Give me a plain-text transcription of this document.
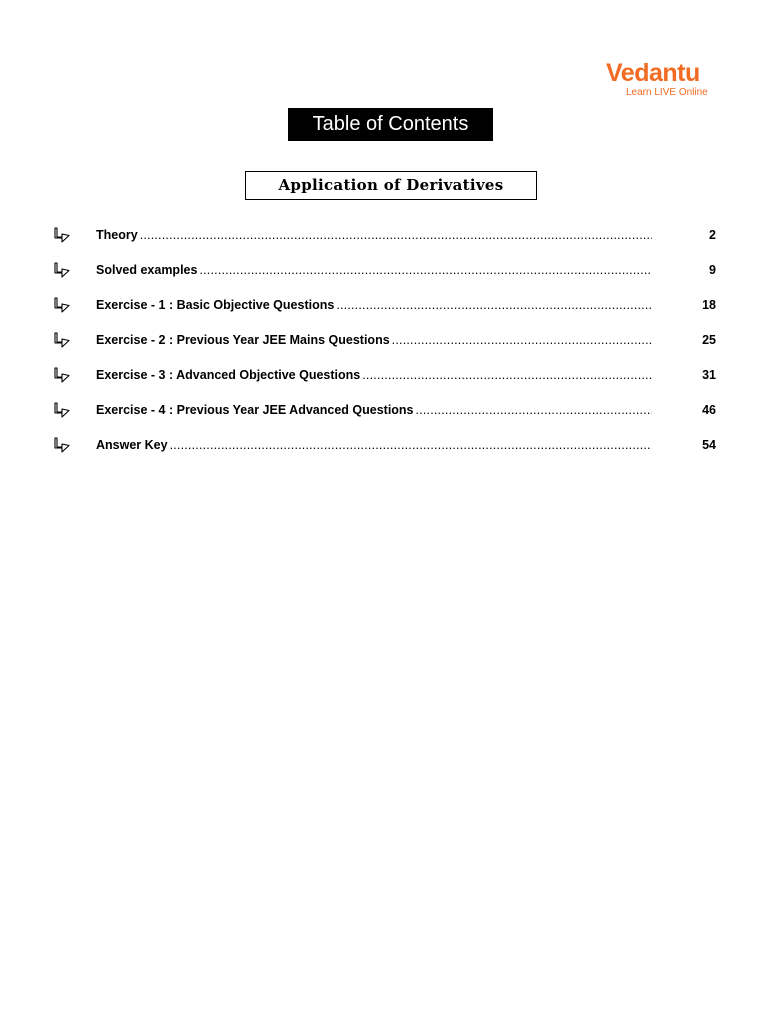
Vedantu
Learn LIVE Online
Table of Contents
Application of Derivatives
Theory .....	2
Solved examples .....	9
Exercise - 1 : Basic Objective Questions .....	18
Exercise - 2 : Previous Year JEE Mains Questions .....	25
Exercise - 3 : Advanced Objective Questions .....	31
Exercise - 4 : Previous Year JEE Advanced Questions .....	46
Answer Key .....	54
